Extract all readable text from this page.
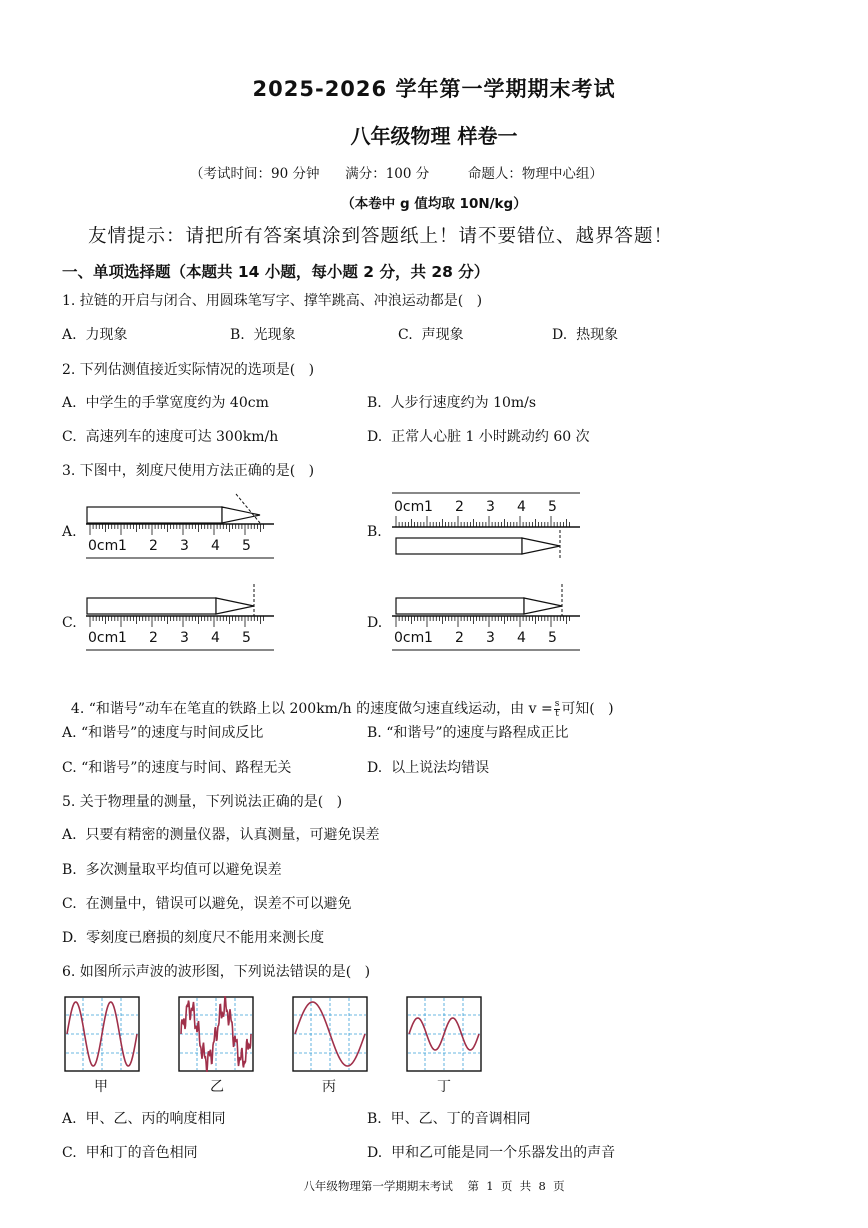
2025-2026 学年第一学期期末考试
八年级物理 样卷一
（考试时间：90 分钟      满分：100 分         命题人：物理中心组）
（本卷中 g 值均取 10N/kg）
友情提示：请把所有答案填涂到答题纸上！请不要错位、越界答题！
一、单项选择题（本题共 14 小题，每小题 2 分，共 28 分）
1. 拉链的开启与闭合、用圆珠笔写字、撑竿跳高、冲浪运动都是(   )
A.  力现象	B.  光现象	C.  声现象	D.  热现象
2. 下列估测值接近实际情况的选项是(   )
A.  中学生的手掌宽度约为 40cm	B.  人步行速度约为 10m/s
C.  高速列车的速度可达 300km/h	D.  正常人心脏 1 小时跳动约 60 次
3. 下图中，刻度尺使用方法正确的是(   )
A.	B.
C.	D.
0cm 1 2 3 4 5
0cm 1 2 3 4 5
0cm 1 2 3 4 5	0cm 1 2 3 4 5

4. “和谐号”动车在笔直的铁路上以 200km/h 的速度做匀速直线运动，由 $v = \frac{s}{t}$ 可知(   )

A. “和谐号”的速度与时间成反比	B. “和谐号”的速度与路程成正比
C. “和谐号”的速度与时间、路程无关	D.  以上说法均错误
5. 关于物理量的测量，下列说法正确的是(   )
A.  只要有精密的测量仪器，认真测量，可避免误差
B.  多次测量取平均值可以避免误差
C.  在测量中，错误可以避免，误差不可以避免
D.  零刻度已磨损的刻度尺不能用来测长度
6. 如图所示声波的波形图，下列说法错误的是(   )
甲	乙	丙	丁
A.  甲、乙、丙的响度相同	B.  甲、乙、丁的音调相同
C.  甲和丁的音色相同	D.  甲和乙可能是同一个乐器发出的声音
八年级物理第一学期期末考试    第  1  页  共  8  页
